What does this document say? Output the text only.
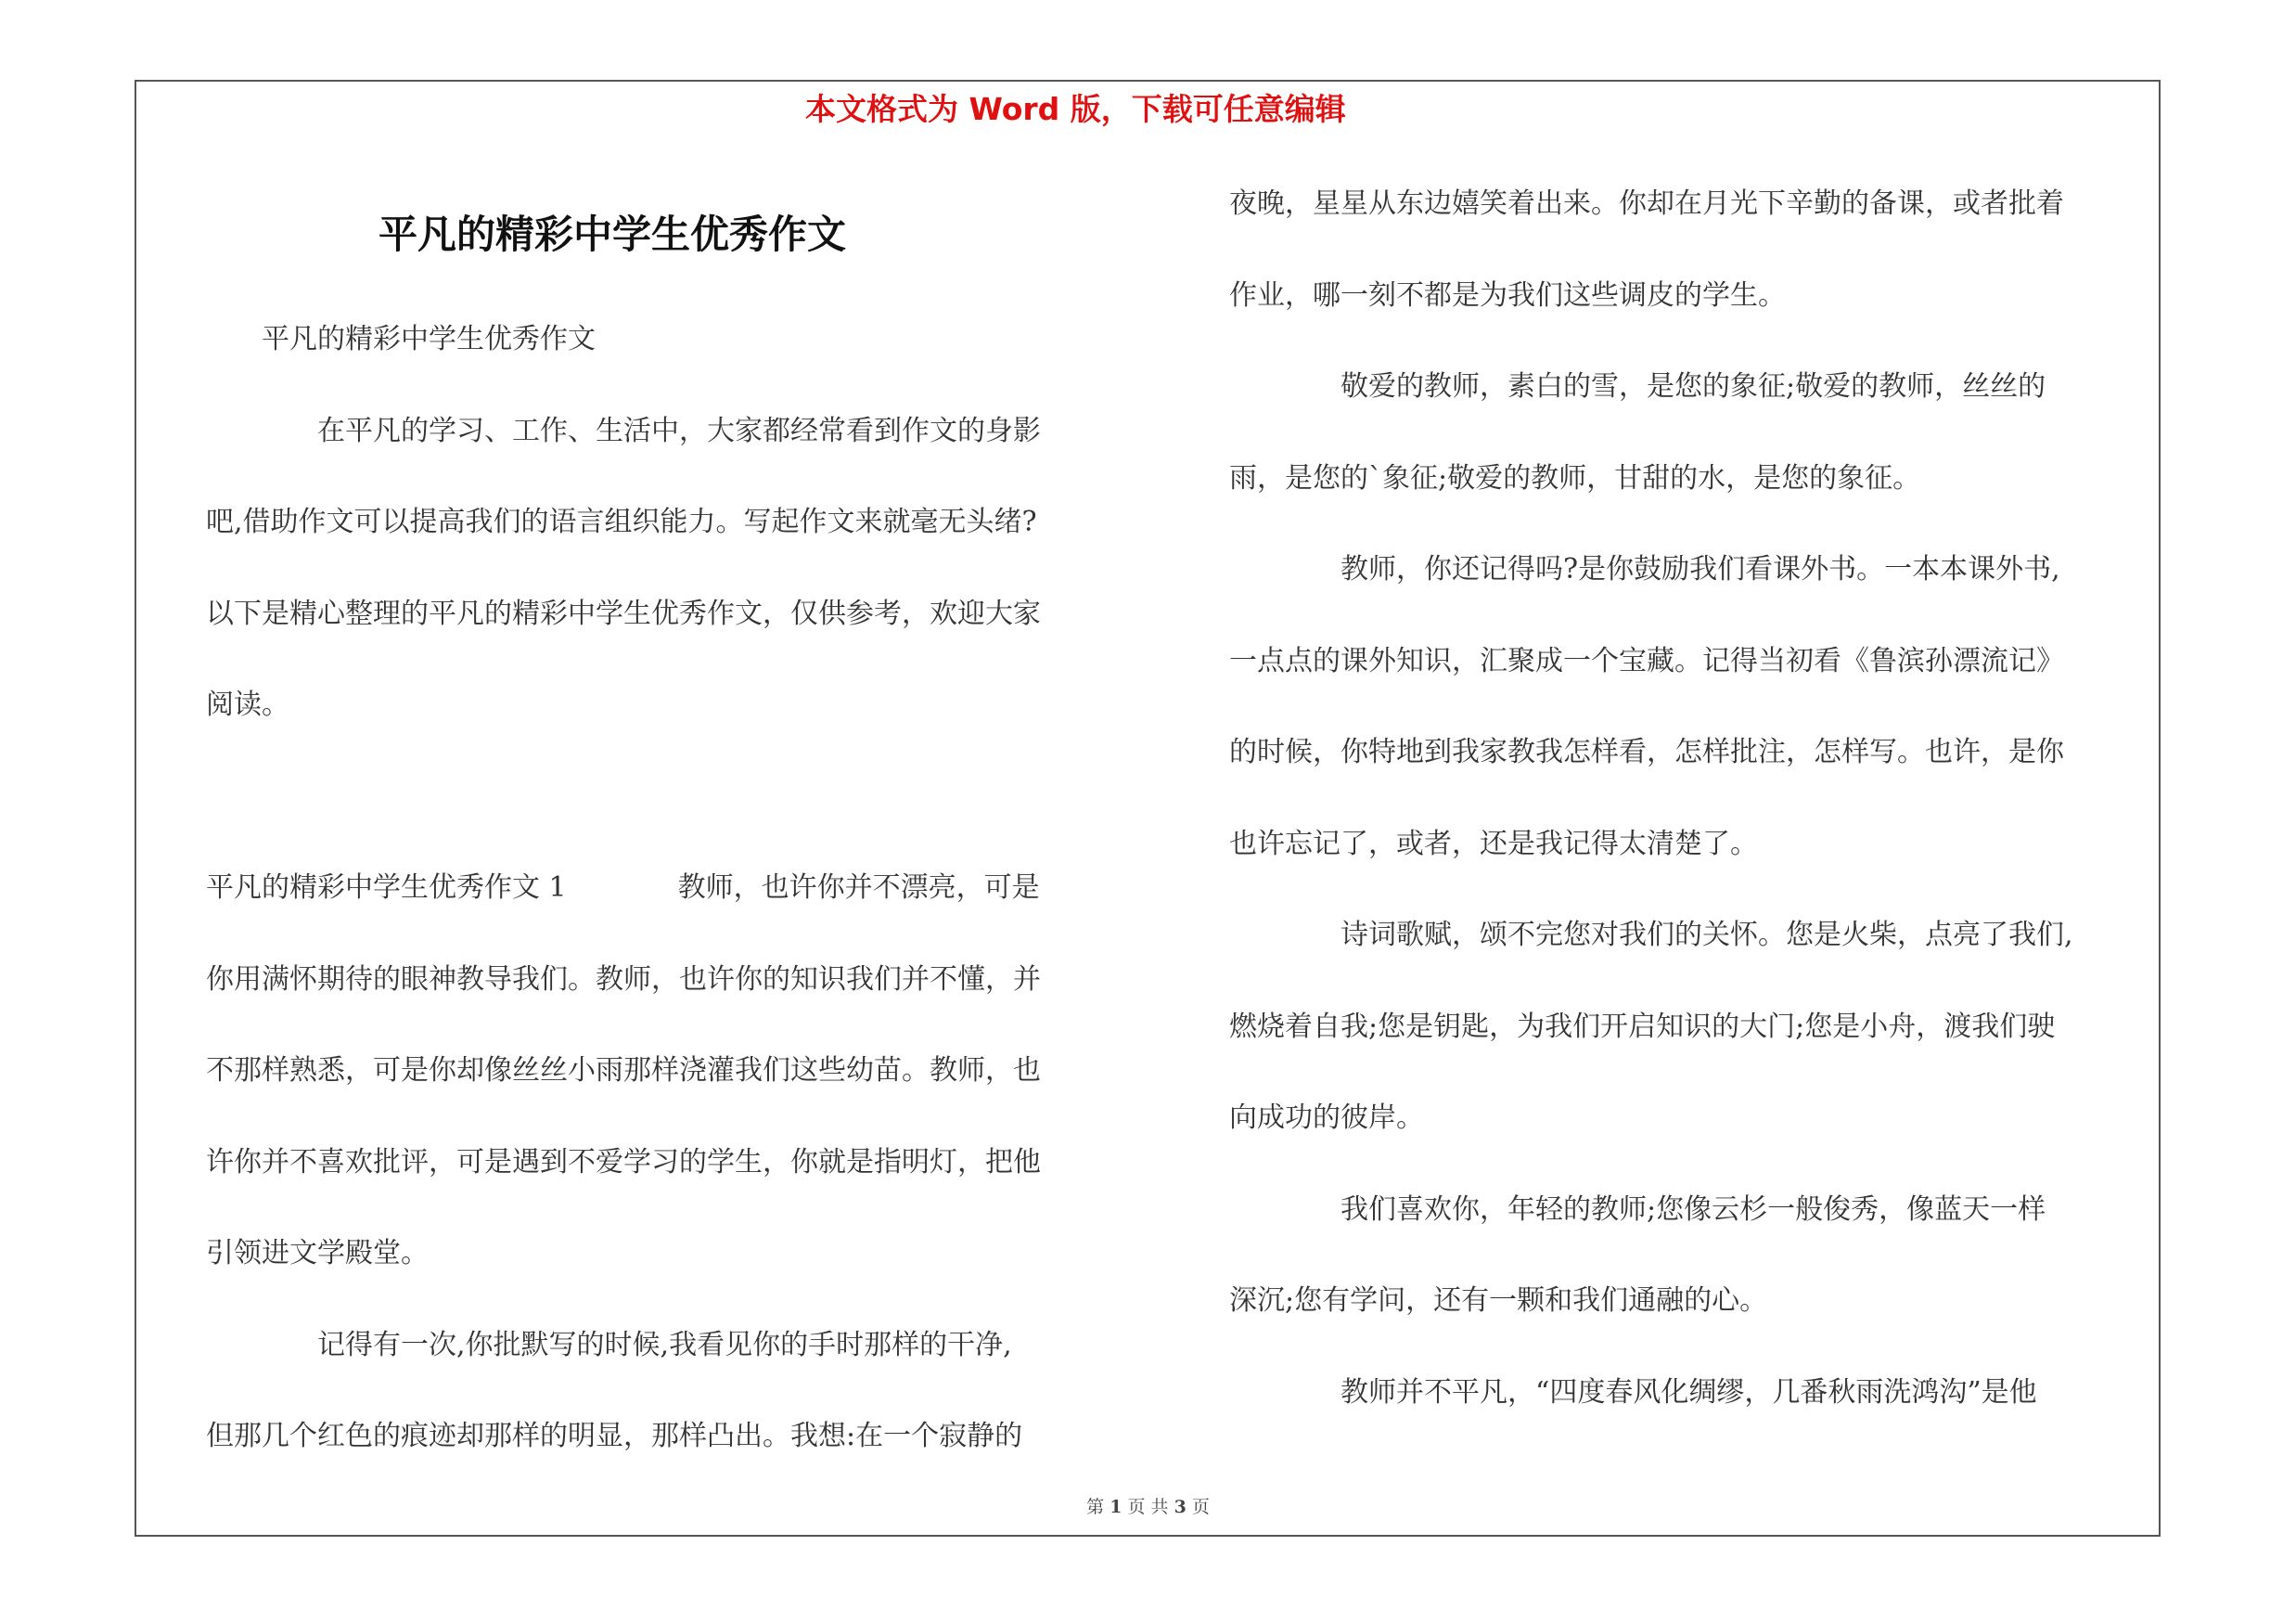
本文格式为 Word 版，下载可任意编辑
平凡的精彩中学生优秀作文
　　平凡的精彩中学生优秀作文
　　　　在平凡的学习、工作、生活中，大家都经常看到作文的身影
吧,借助作文可以提高我们的语言组织能力。写起作文来就毫无头绪?
以下是精心整理的平凡的精彩中学生优秀作文，仅供参考，欢迎大家
阅读。
平凡的精彩中学生优秀作文 1　　　　教师，也许你并不漂亮，可是
你用满怀期待的眼神教导我们。教师，也许你的知识我们并不懂，并
不那样熟悉，可是你却像丝丝小雨那样浇灌我们这些幼苗。教师，也
许你并不喜欢批评，可是遇到不爱学习的学生，你就是指明灯，把他
引领进文学殿堂。
　　　　记得有一次,你批默写的时候,我看见你的手时那样的干净,
但那几个红色的痕迹却那样的明显，那样凸出。我想:在一个寂静的
夜晚，星星从东边嬉笑着出来。你却在月光下辛勤的备课，或者批着
作业，哪一刻不都是为我们这些调皮的学生。
　　　　敬爱的教师，素白的雪，是您的象征;敬爱的教师，丝丝的
雨，是您的`象征;敬爱的教师，甘甜的水，是您的象征。
　　　　教师，你还记得吗?是你鼓励我们看课外书。一本本课外书,
一点点的课外知识，汇聚成一个宝藏。记得当初看《鲁滨孙漂流记》
的时候，你特地到我家教我怎样看，怎样批注，怎样写。也许，是你
也许忘记了，或者，还是我记得太清楚了。
　　　　诗词歌赋，颂不完您对我们的关怀。您是火柴，点亮了我们,
燃烧着自我;您是钥匙，为我们开启知识的大门;您是小舟，渡我们驶
向成功的彼岸。
　　　　我们喜欢你，年轻的教师;您像云杉一般俊秀，像蓝天一样
深沉;您有学问，还有一颗和我们通融的心。
　　　　教师并不平凡，“四度春风化绸缪，几番秋雨洗鸿沟”是他
第 1 页 共 3 页
